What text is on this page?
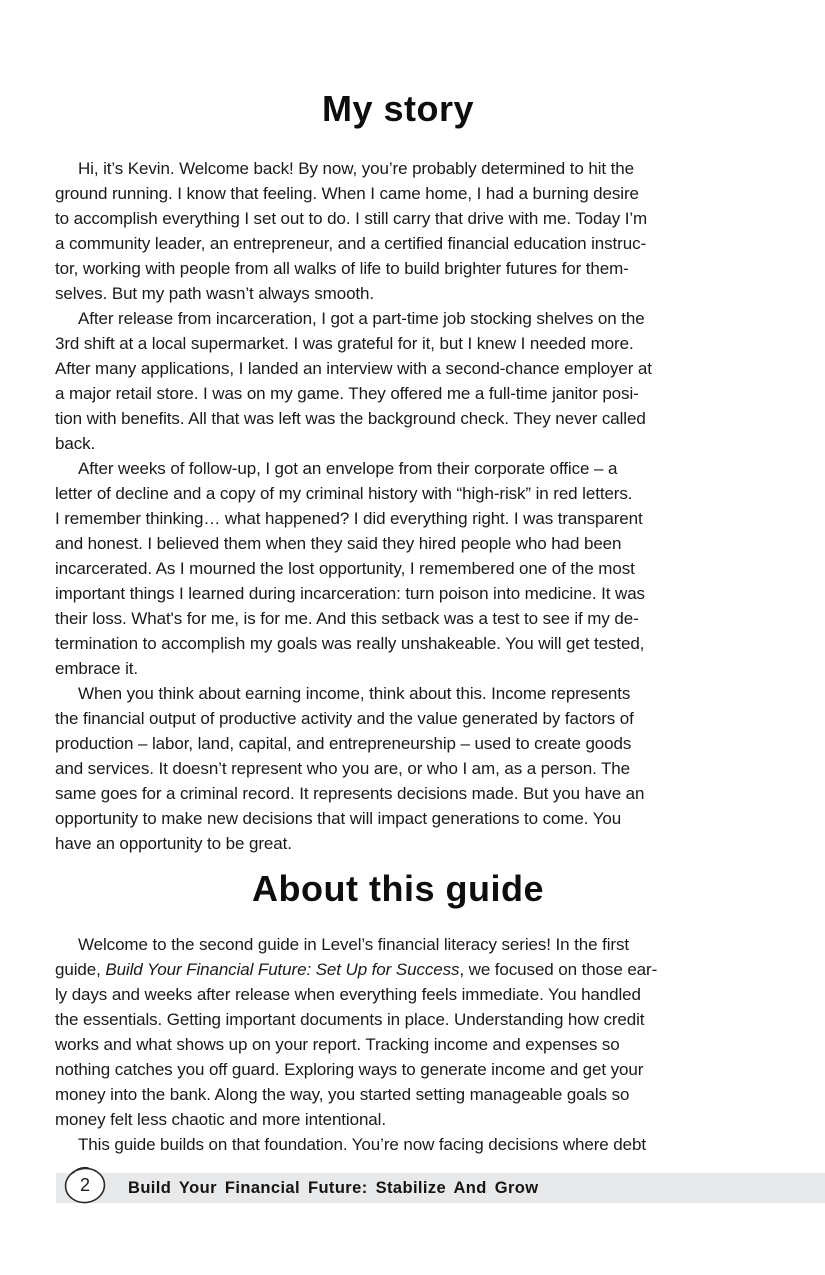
My story
Hi, it’s Kevin. Welcome back! By now, you’re probably determined to hit the
ground running. I know that feeling. When I came home, I had a burning desire
to accomplish everything I set out to do. I still carry that drive with me. Today I’m
a community leader, an entrepreneur, and a certified financial education instruc-
tor, working with people from all walks of life to build brighter futures for them-
selves. But my path wasn’t always smooth.
After release from incarceration, I got a part-time job stocking shelves on the
3rd shift at a local supermarket. I was grateful for it, but I knew I needed more.
After many applications, I landed an interview with a second-chance employer at
a major retail store. I was on my game. They offered me a full-time janitor posi-
tion with benefits. All that was left was the background check. They never called
back.
After weeks of follow-up, I got an envelope from their corporate office – a
letter of decline and a copy of my criminal history with “high-risk” in red letters.
I remember thinking… what happened? I did everything right. I was transparent
and honest. I believed them when they said they hired people who had been
incarcerated. As I mourned the lost opportunity, I remembered one of the most
important things I learned during incarceration: turn poison into medicine. It was
their loss. What's for me, is for me. And this setback was a test to see if my de-
termination to accomplish my goals was really unshakeable. You will get tested,
embrace it.
When you think about earning income, think about this. Income represents
the financial output of productive activity and the value generated by factors of
production – labor, land, capital, and entrepreneurship – used to create goods
and services. It doesn’t represent who you are, or who I am, as a person. The
same goes for a criminal record. It represents decisions made. But you have an
opportunity to make new decisions that will impact generations to come. You
have an opportunity to be great.
About this guide
Welcome to the second guide in Level’s financial literacy series! In the first
guide, Build Your Financial Future: Set Up for Success, we focused on those ear-
ly days and weeks after release when everything feels immediate. You handled
the essentials. Getting important documents in place. Understanding how credit
works and what shows up on your report. Tracking income and expenses so
nothing catches you off guard. Exploring ways to generate income and get your
money into the bank. Along the way, you started setting manageable goals so
money felt less chaotic and more intentional.
This guide builds on that foundation. You’re now facing decisions where debt
Build Your Financial Future: Stabilize And Grow
2
